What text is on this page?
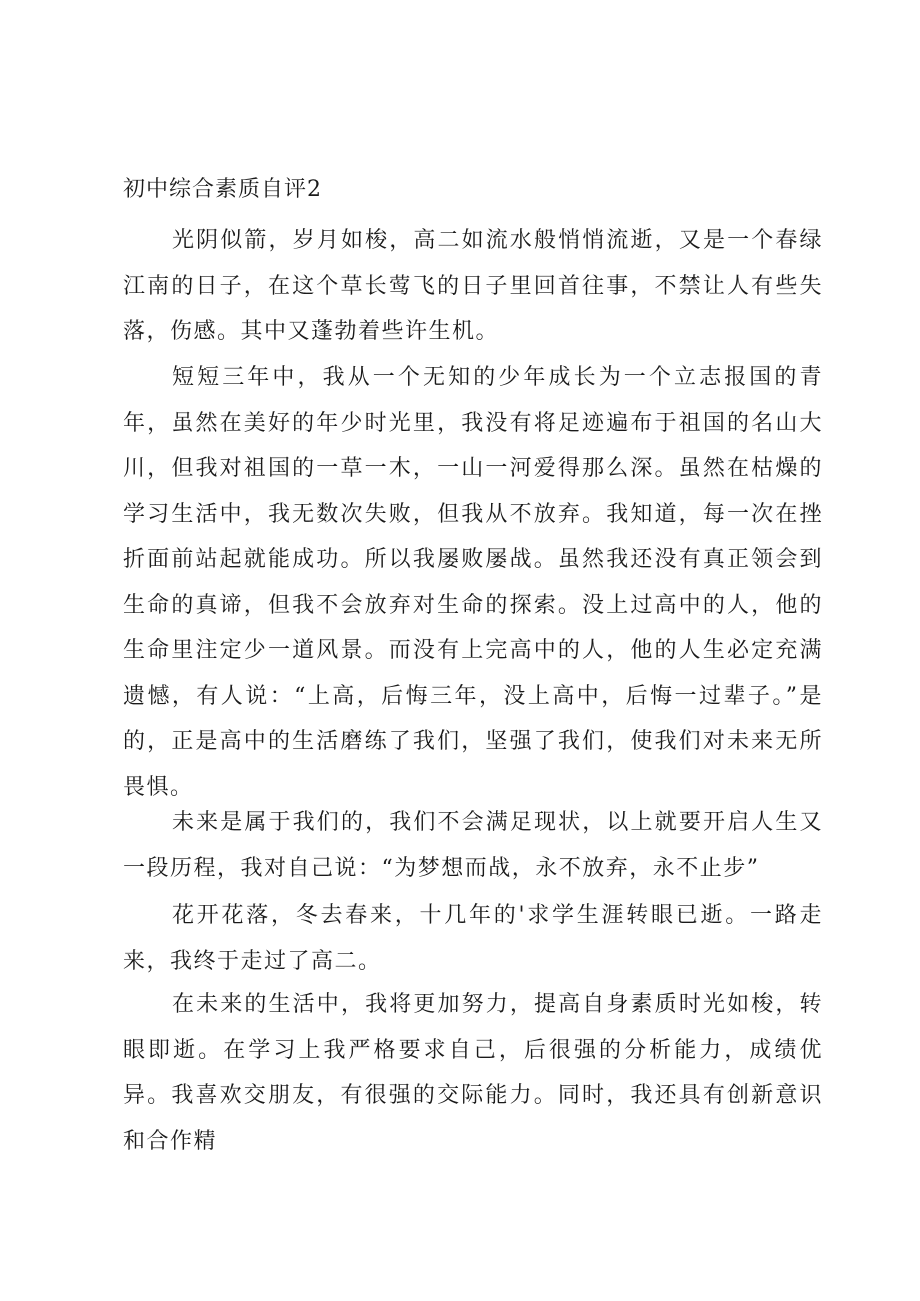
初中综合素质自评2

光阴似箭，岁月如梭，高二如流水般悄悄流逝，又是一个春绿江南的日子，在这个草长莺飞的日子里回首往事，不禁让人有些失落，伤感。其中又蓬勃着些许生机。

短短三年中，我从一个无知的少年成长为一个立志报国的青年，虽然在美好的年少时光里，我没有将足迹遍布于祖国的名山大川，但我对祖国的一草一木，一山一河爱得那么深。虽然在枯燥的学习生活中，我无数次失败，但我从不放弃。我知道，每一次在挫折面前站起就能成功。所以我屡败屡战。虽然我还没有真正领会到生命的真谛，但我不会放弃对生命的探索。没上过高中的人，他的生命里注定少一道风景。而没有上完高中的人，他的人生必定充满遗憾，有人说：“上高，后悔三年，没上高中，后悔一过辈子。”是的，正是高中的生活磨练了我们，坚强了我们，使我们对未来无所畏惧。

未来是属于我们的，我们不会满足现状，以上就要开启人生又一段历程，我对自己说：“为梦想而战，永不放弃，永不止步”

花开花落，冬去春来，十几年的'求学生涯转眼已逝。一路走来，我终于走过了高二。

在未来的生活中，我将更加努力，提高自身素质时光如梭，转眼即逝。在学习上我严格要求自己，后很强的分析能力，成绩优异。我喜欢交朋友，有很强的交际能力。同时，我还具有创新意识和合作精
